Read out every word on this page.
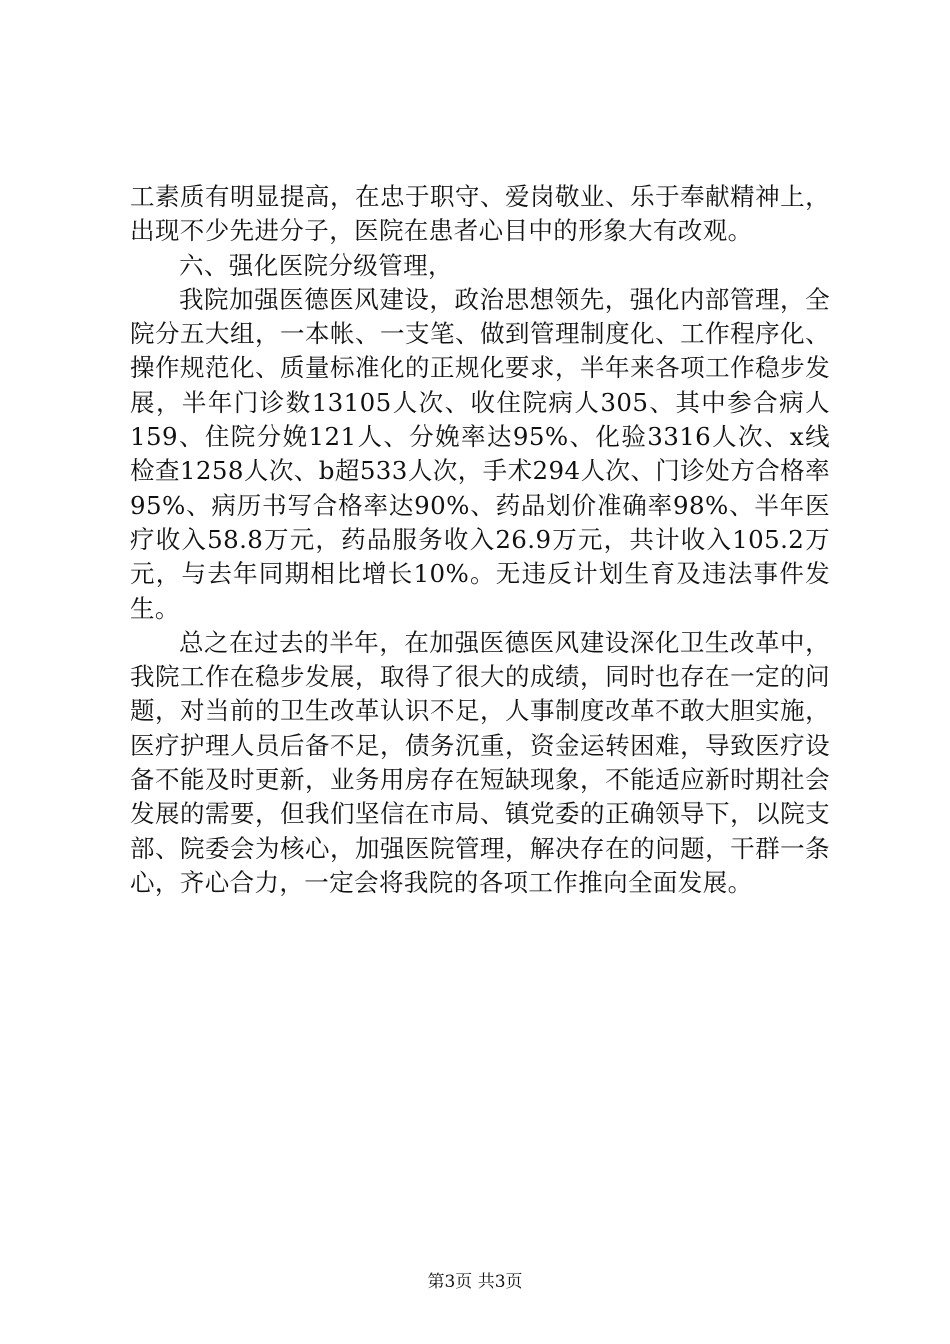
工素质有明显提高，在忠于职守、爱岗敬业、乐于奉献精神上，出现不少先进分子，医院在患者心目中的形象大有改观。

六、强化医院分级管理，

我院加强医德医风建设，政治思想领先，强化内部管理，全院分五大组，一本帐、一支笔、做到管理制度化、工作程序化、操作规范化、质量标准化的正规化要求，半年来各项工作稳步发展，半年门诊数13105人次、收住院病人305、其中参合病人159、住院分娩121人、分娩率达95%、化验3316人次、x线检查1258人次、b超533人次，手术294人次、门诊处方合格率95%、病历书写合格率达90%、药品划价准确率98%、半年医疗收入58.8万元，药品服务收入26.9万元，共计收入105.2万元，与去年同期相比增长10%。无违反计划生育及违法事件发生。

总之在过去的半年，在加强医德医风建设深化卫生改革中，我院工作在稳步发展，取得了很大的成绩，同时也存在一定的问题，对当前的卫生改革认识不足，人事制度改革不敢大胆实施，医疗护理人员后备不足，债务沉重，资金运转困难，导致医疗设备不能及时更新，业务用房存在短缺现象，不能适应新时期社会发展的需要，但我们坚信在市局、镇党委的正确领导下，以院支部、院委会为核心，加强医院管理，解决存在的问题，干群一条心，齐心合力，一定会将我院的各项工作推向全面发展。

第3页 共3页
